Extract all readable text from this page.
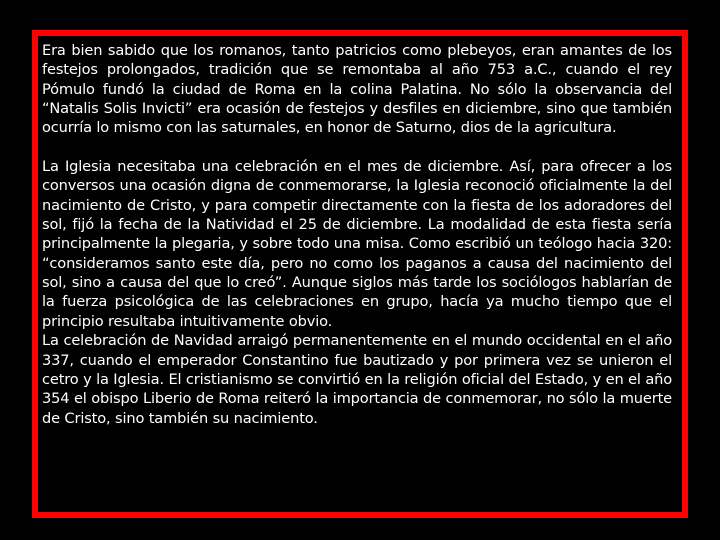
Era bien sabido que los romanos, tanto patricios como plebeyos, eran amantes de los festejos prolongados, tradición que se remontaba al año 753 a.C., cuando el rey Pómulo fundó la ciudad de Roma en la colina Palatina. No sólo la observancia del “Natalis Solis Invicti” era ocasión de festejos y desfiles en diciembre, sino que también ocurría lo mismo con las saturnales, en honor de Saturno, dios de la agricultura.

La Iglesia necesitaba una celebración en el mes de diciembre. Así, para ofrecer a los conversos una ocasión digna de conmemorarse, la Iglesia reconoció oficialmente la del nacimiento de Cristo, y para competir directamente con la fiesta de los adoradores del sol, fijó la fecha de la Natividad el 25 de diciembre. La modalidad de esta fiesta sería principalmente la plegaria, y sobre todo una misa. Como escribió un teólogo hacia 320: “consideramos santo este día, pero no como los paganos a causa del nacimiento del sol, sino a causa del que lo creó”. Aunque siglos más tarde los sociólogos hablarían de la fuerza psicológica de las celebraciones en grupo, hacía ya mucho tiempo que el principio resultaba intuitivamente obvio.

La celebración de Navidad arraigó permanentemente en el mundo occidental en el año 337, cuando el emperador Constantino fue bautizado y por primera vez se unieron el cetro y la Iglesia. El cristianismo se convirtió en la religión oficial del Estado, y en el año 354 el obispo Liberio de Roma reiteró la importancia de conmemorar, no sólo la muerte de Cristo, sino también su nacimiento.
